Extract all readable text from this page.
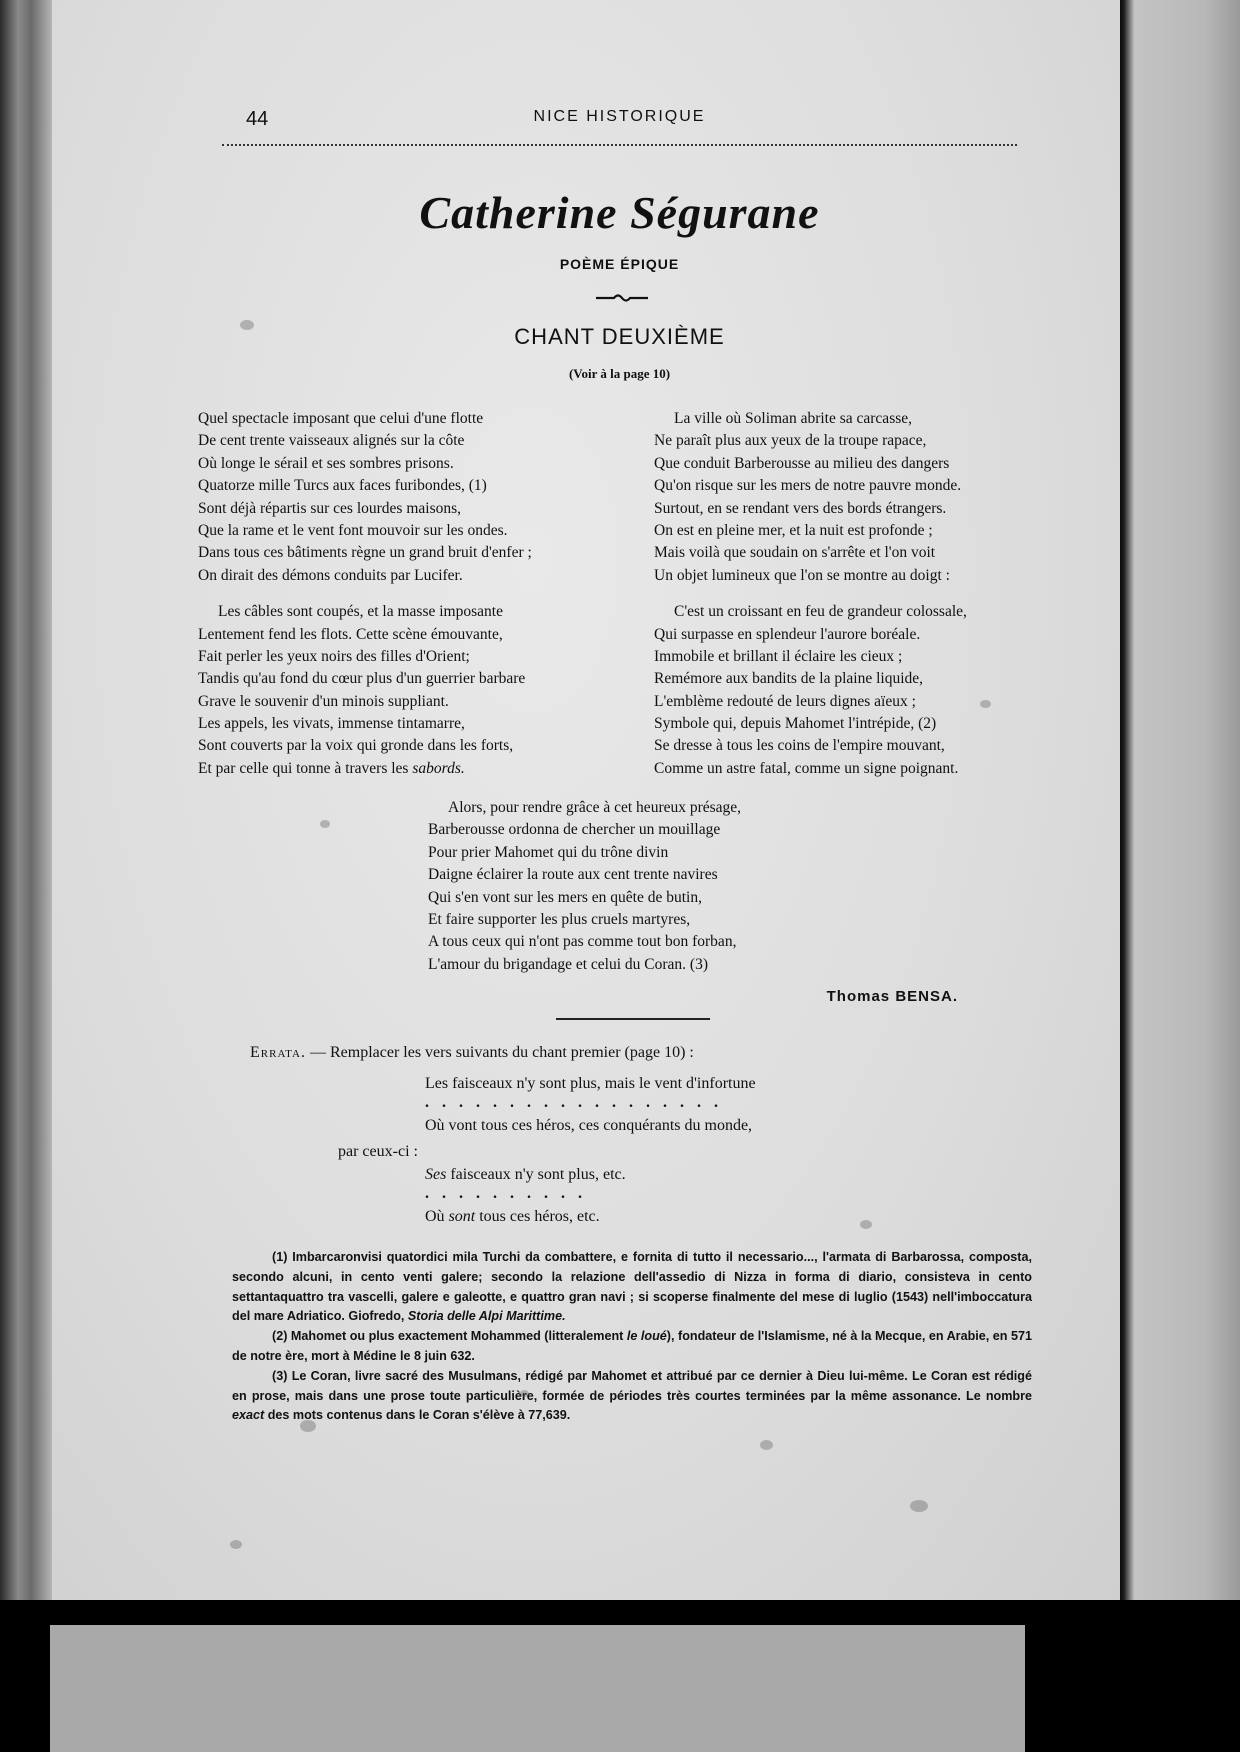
44	NICE HISTORIQUE
Catherine Ségurane
POÈME ÉPIQUE
CHANT DEUXIÈME
(Voir à la page 10)
Quel spectacle imposant que celui d'une flotte
De cent trente vaisseaux alignés sur la côte
Où longe le sérail et ses sombres prisons.
Quatorze mille Turcs aux faces furibondes, (1)
Sont déjà répartis sur ces lourdes maisons,
Que la rame et le vent font mouvoir sur les ondes.
Dans tous ces bâtiments règne un grand bruit d'enfer ;
On dirait des démons conduits par Lucifer.
Les câbles sont coupés, et la masse imposante
Lentement fend les flots. Cette scène émouvante,
Fait perler les yeux noirs des filles d'Orient;
Tandis qu'au fond du cœur plus d'un guerrier barbare
Grave le souvenir d'un minois suppliant.
Les appels, les vivats, immense tintamarre,
Sont couverts par la voix qui gronde dans les forts,
Et par celle qui tonne à travers les sabords.
La ville où Soliman abrite sa carcasse,
Ne paraît plus aux yeux de la troupe rapace,
Que conduit Barberousse au milieu des dangers
Qu'on risque sur les mers de notre pauvre monde.
Surtout, en se rendant vers des bords étrangers.
On est en pleine mer, et la nuit est profonde ;
Mais voilà que soudain on s'arrête et l'on voit
Un objet lumineux que l'on se montre au doigt :
C'est un croissant en feu de grandeur colossale,
Qui surpasse en splendeur l'aurore boréale.
Immobile et brillant il éclaire les cieux ;
Remémore aux bandits de la plaine liquide,
L'emblème redouté de leurs dignes aïeux ;
Symbole qui, depuis Mahomet l'intrépide, (2)
Se dresse à tous les coins de l'empire mouvant,
Comme un astre fatal, comme un signe poignant.
Alors, pour rendre grâce à cet heureux présage,
Barberousse ordonna de chercher un mouillage
Pour prier Mahomet qui du trône divin
Daigne éclairer la route aux cent trente navires
Qui s'en vont sur les mers en quête de butin,
Et faire supporter les plus cruels martyres,
A tous ceux qui n'ont pas comme tout bon forban,
L'amour du brigandage et celui du Coran. (3)
Thomas BENSA.
Errata. — Remplacer les vers suivants du chant premier (page 10) :
Les faisceaux n'y sont plus, mais le vent d'infortune
..................
Où vont tous ces héros, ces conquérants du monde,
par ceux-ci :
Ses faisceaux n'y sont plus, etc.
..........
Où sont tous ces héros, etc.

(1) Imbarcaronvisi quatordici mila Turchi da combattere, e fornita di tutto il necessario..., l'armata di Barbarossa, composta, secondo alcuni, in cento venti galere; secondo la relazione dell'assedio di Nizza in forma di diario, consisteva in cento settantaquattro tra vascelli, galere e galeotte, e quattro gran navi ; si scoperse finalmente del mese di luglio (1543) nell'imboccatura del mare Adriatico. Giofredo, Storia delle Alpi Marittime.

(2) Mahomet ou plus exactement Mohammed (litteralement le loué), fondateur de l'Islamisme, né à la Mecque, en Arabie, en 571 de notre ère, mort à Médine le 8 juin 632.

(3) Le Coran, livre sacré des Musulmans, rédigé par Mahomet et attribué par ce dernier à Dieu lui-même. Le Coran est rédigé en prose, mais dans une prose toute particulière, formée de périodes très courtes terminées par la même assonance. Le nombre exact des mots contenus dans le Coran s'élève à 77,639.
